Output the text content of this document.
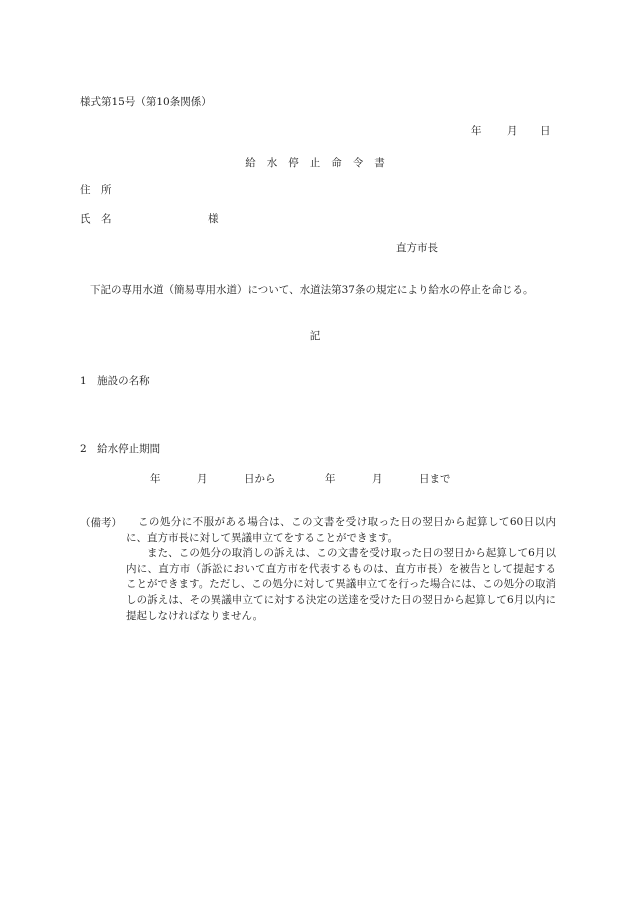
様式第15号（第10条関係）
年 月 日
給水停止命令書
住　所
氏　名	様
直方市長
下記の専用水道（簡易専用水道）について、水道法第37条の規定により給水の停止を命じる。
記
1　施設の名称
2　給水停止期間
年	月	日から	年	月	日まで
（備考）	この処分に不服がある場合は、この文書を受け取った日の翌日から起算して60日以内に、直方市長に対して異議申立てをすることができます。

また、この処分の取消しの訴えは、この文書を受け取った日の翌日から起算して6月以内に、直方市（訴訟において直方市を代表するものは、直方市長）を被告として提起することができます。ただし、この処分に対して異議申立てを行った場合には、この処分の取消しの訴えは、その異議申立てに対する決定の送達を受けた日の翌日から起算して6月以内に提起しなければなりません。
